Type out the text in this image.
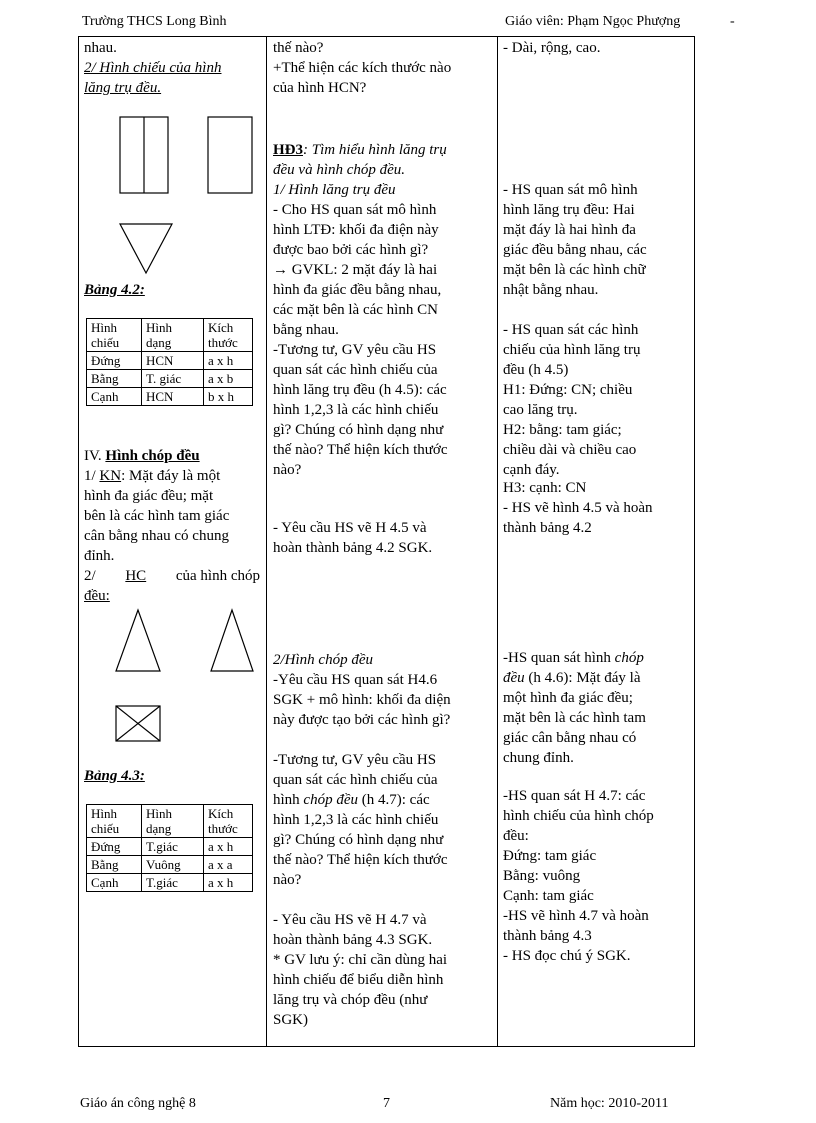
Trường THCS Long Bình	Giáo viên: Phạm Ngọc Phượng	-
nhau.
2/ Hình chiếu của hình
lăng trụ đều.
Bảng 4.2:
Hình chiếu	Hình dạng	Kích thước
Đứng	HCN	a x h
Bằng	T. giác	a x b
Cạnh	HCN	b x h
IV. Hình chóp đều
1/ KN: Mặt đáy là một
hình đa giác đều; mặt
bên là các hình tam giác
cân bằng nhau có chung
đỉnh.
2/ HC của hình chóp
đều:
Bảng 4.3:
Hình chiếu	Hình dạng	Kích thước
Đứng	T.giác	a x h
Bằng	Vuông	a x a
Cạnh	T.giác	a x h
thế nào?
+Thể hiện các kích thước nào
của hình HCN?
HĐ3: Tìm hiểu hình lăng trụ
đều và hình chóp đều.
1/ Hình lăng trụ đều
- Cho HS quan sát mô hình
hình LTĐ: khối đa điện này
được bao bởi các hình gì?
→ GVKL: 2 mặt đáy là hai
hình đa giác đều bằng nhau,
các mặt bên là các hình CN
bằng nhau.
-Tương tư, GV yêu cầu HS
quan sát các hình chiếu của
hình lăng trụ đều (h 4.5): các
hình 1,2,3 là các hình chiếu
gì? Chúng có hình dạng như
thế nào? Thể hiện kích thước
nào?
- Yêu cầu HS vẽ H 4.5 và
hoàn thành bảng 4.2 SGK.
2/Hình chóp đều
-Yêu cầu HS quan sát H4.6
SGK + mô hình: khối đa diện
này được tạo bởi các hình gì?
-Tương tư, GV yêu cầu HS
quan sát các hình chiếu của
hình chóp đều (h 4.7): các
hình 1,2,3 là các hình chiếu
gì? Chúng có hình dạng như
thế nào? Thể hiện kích thước
nào?
- Yêu cầu HS vẽ H 4.7 và
hoàn thành bảng 4.3 SGK.
* GV lưu ý: chỉ cần dùng hai
hình chiếu để biểu diễn hình
lăng trụ và chóp đều (như
SGK)
- Dài, rộng, cao.
- HS quan sát mô hình
hình lăng trụ đều: Hai
mặt đáy là hai hình đa
giác đều bằng nhau, các
mặt bên là các hình chữ
nhật bằng nhau.
- HS quan sát các hình
chiếu của hình lăng trụ
đều (h 4.5)
H1: Đứng: CN; chiều
cao lăng trụ.
H2: bằng: tam giác;
chiều dài và chiều cao
cạnh đáy.
H3: cạnh: CN
- HS vẽ hình 4.5 và hoàn
thành bảng 4.2
-HS quan sát hình chóp
đều (h 4.6): Mặt đáy là
một hình đa giác đều;
mặt bên là các hình tam
giác cân bằng nhau có
chung đỉnh.
-HS quan sát H 4.7: các
hình chiếu của hình chóp
đều:
Đứng: tam giác
Bằng: vuông
Cạnh: tam giác
-HS vẽ hình 4.7 và hoàn
thành bảng 4.3
- HS đọc chú ý SGK.
Giáo án công nghệ 8	7	Năm học: 2010-2011
